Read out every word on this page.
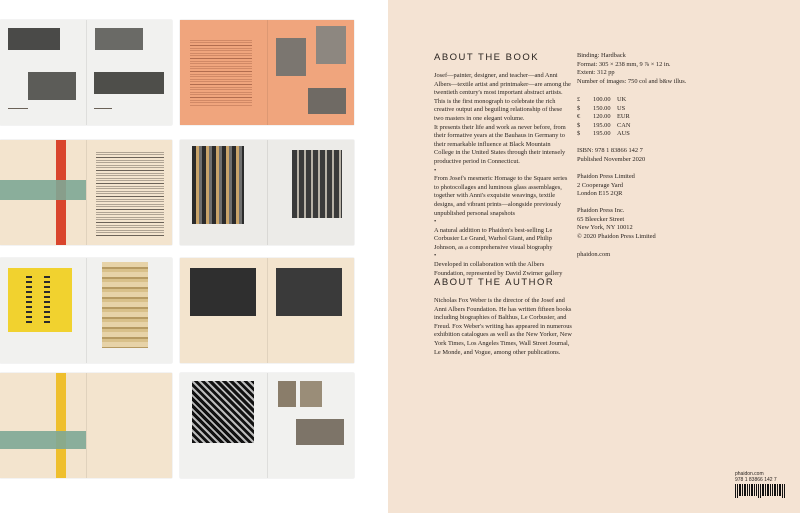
ABOUT THE BOOK

Josef—painter, designer, and teacher—and Anni Albers—textile artist and printmaker—are among the twentieth century's most important abstract artists. This is the first monograph to celebrate the rich creative output and beguiling relationship of these two masters in one elegant volume.

It presents their life and work as never before, from their formative years at the Bauhaus in Germany to their remarkable influence at Black Mountain College in the United States through their intensely productive period in Connecticut.

•

From Josef's mesmeric Homage to the Square series to photocollages and luminous glass assemblages, together with Anni's exquisite weavings, textile designs, and vibrant prints—alongside previously unpublished personal snapshots

•

A natural addition to Phaidon's best-selling Le Corbusier Le Grand, Warhol Giant, and Philip Johnson, as a comprehensive visual biography

•

Developed in collaboration with the Albers Foundation, represented by David Zwirner gallery

ABOUT THE AUTHOR
Nicholas Fox Weber is the director of the Josef and Anni Albers Foundation. He has written fifteen books including biographies of Balthus, Le Corbusier, and Freud. Fox Weber's writing has appeared in numerous exhibition catalogues as well as the New Yorker, New York Times, Los Angeles Times, Wall Street Journal, Le Monde, and Vogue, among other publications.
Binding: Hardback
Format: 305 × 238 mm, 9 ⅞ × 12 in.
Extent: 312 pp
Number of images: 750 col and b&w illus.
£	100.00	UK
$	150.00	US
€	120.00	EUR
$	195.00	CAN
$	195.00	AUS
ISBN: 978 1 83866 142 7
Published November 2020
Phaidon Press Limited
2 Cooperage Yard
London E15 2QR
Phaidon Press Inc.
65 Bleecker Street
New York, NY 10012
© 2020 Phaidon Press Limited
phaidon.com
phaidon.com
978 1 83866 142 7
